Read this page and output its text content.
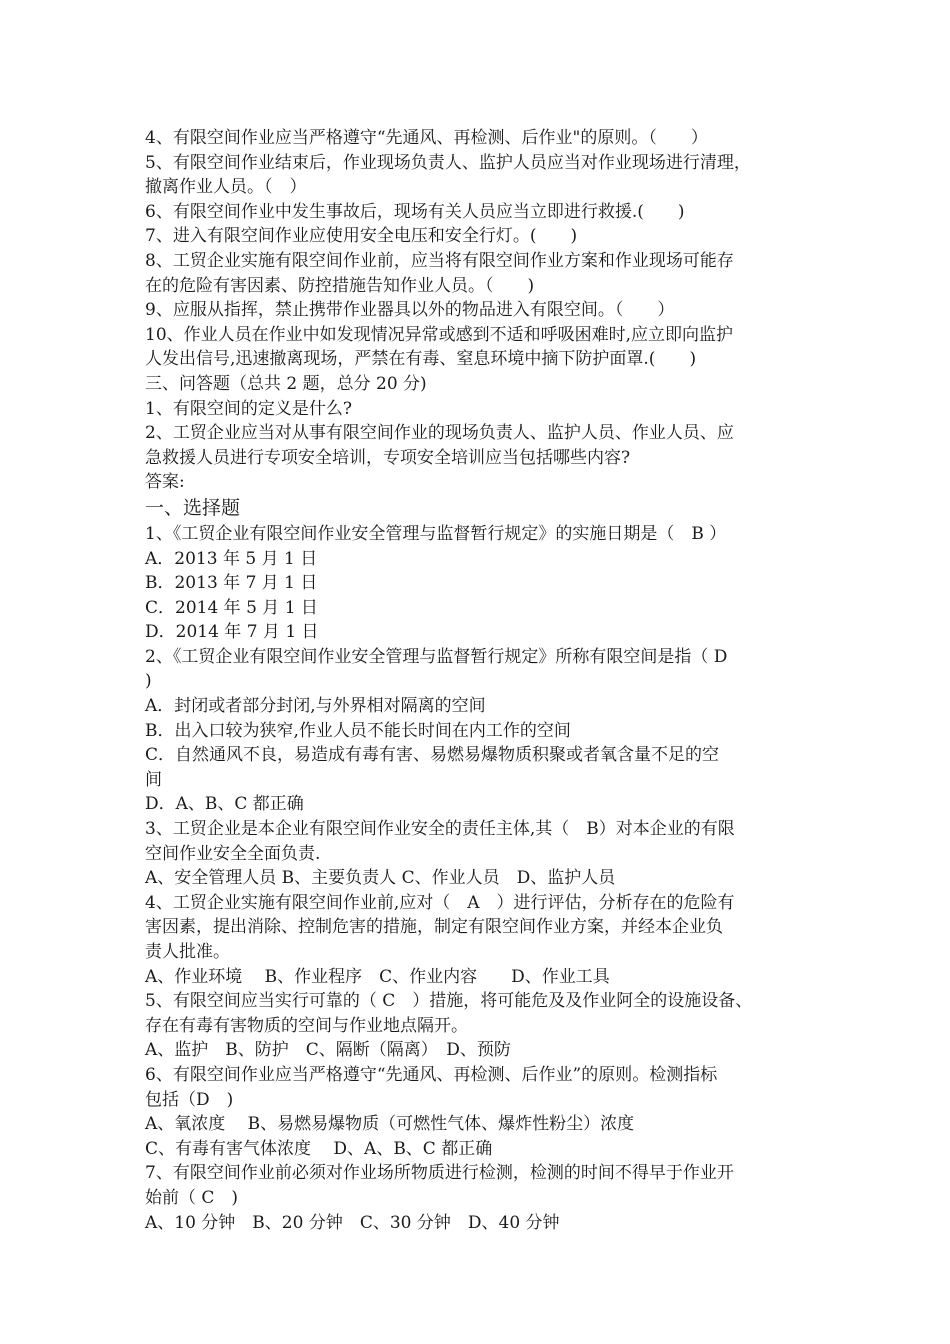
4、有限空间作业应当严格遵守“先通风、再检测、后作业"的原则。（　　）
5、有限空间作业结束后，作业现场负责人、监护人员应当对作业现场进行清理，
撤离作业人员。（　）
6、有限空间作业中发生事故后，现场有关人员应当立即进行救援.(　　)
7、进入有限空间作业应使用安全电压和安全行灯。(　　)
8、工贸企业实施有限空间作业前，应当将有限空间作业方案和作业现场可能存
在的危险有害因素、防控措施告知作业人员。（　　)
9、应服从指挥，禁止携带作业器具以外的物品进入有限空间。（　　）
10、作业人员在作业中如发现情况异常或感到不适和呼吸困难时,应立即向监护
人发出信号,迅速撤离现场，严禁在有毒、窒息环境中摘下防护面罩.(　　)
三、问答题（总共 2 题，总分 20 分)
1、有限空间的定义是什么?
2、工贸企业应当对从事有限空间作业的现场负责人、监护人员、作业人员、应
急救援人员进行专项安全培训，专项安全培训应当包括哪些内容?
答案:
一、选择题
1、《工贸企业有限空间作业安全管理与监督暂行规定》的实施日期是（　B ）
A．2013 年 5 月 1 日
B．2013 年 7 月 1 日
C．2014 年 5 月 1 日
D．2014 年 7 月 1 日
2、《工贸企业有限空间作业安全管理与监督暂行规定》所称有限空间是指（ D
)
A．封闭或者部分封闭,与外界相对隔离的空间
B．出入口较为狭窄,作业人员不能长时间在内工作的空间
C．自然通风不良，易造成有毒有害、易燃易爆物质积聚或者氧含量不足的空
间
D．A、B、C 都正确
3、工贸企业是本企业有限空间作业安全的责任主体,其（　B）对本企业的有限
空间作业安全全面负责.
A、安全管理人员 B、主要负责人 C、作业人员　D、监护人员
4、工贸企业实施有限空间作业前,应对（　A　）进行评估，分析存在的危险有
害因素，提出消除、控制危害的措施，制定有限空间作业方案，并经本企业负
责人批准。
A、作业环境　 B、作业程序　C、作业内容　　D、作业工具
5、有限空间应当实行可靠的（ C　）措施，将可能危及及作业阿全的设施设备、
存在有毒有害物质的空间与作业地点隔开。
A、监护　B、防护　C、隔断（隔离）　D、预防
6、有限空间作业应当严格遵守“先通风、再检测、后作业”的原则。检测指标
包括（D　)
A、氧浓度　 B、易燃易爆物质（可燃性气体、爆炸性粉尘）浓度
C、有毒有害气体浓度　 D、A、B、C 都正确
7、有限空间作业前必须对作业场所物质进行检测，检测的时间不得早于作业开
始前（ C　)
A、10 分钟　B、20 分钟　C、30 分钟　D、40 分钟
